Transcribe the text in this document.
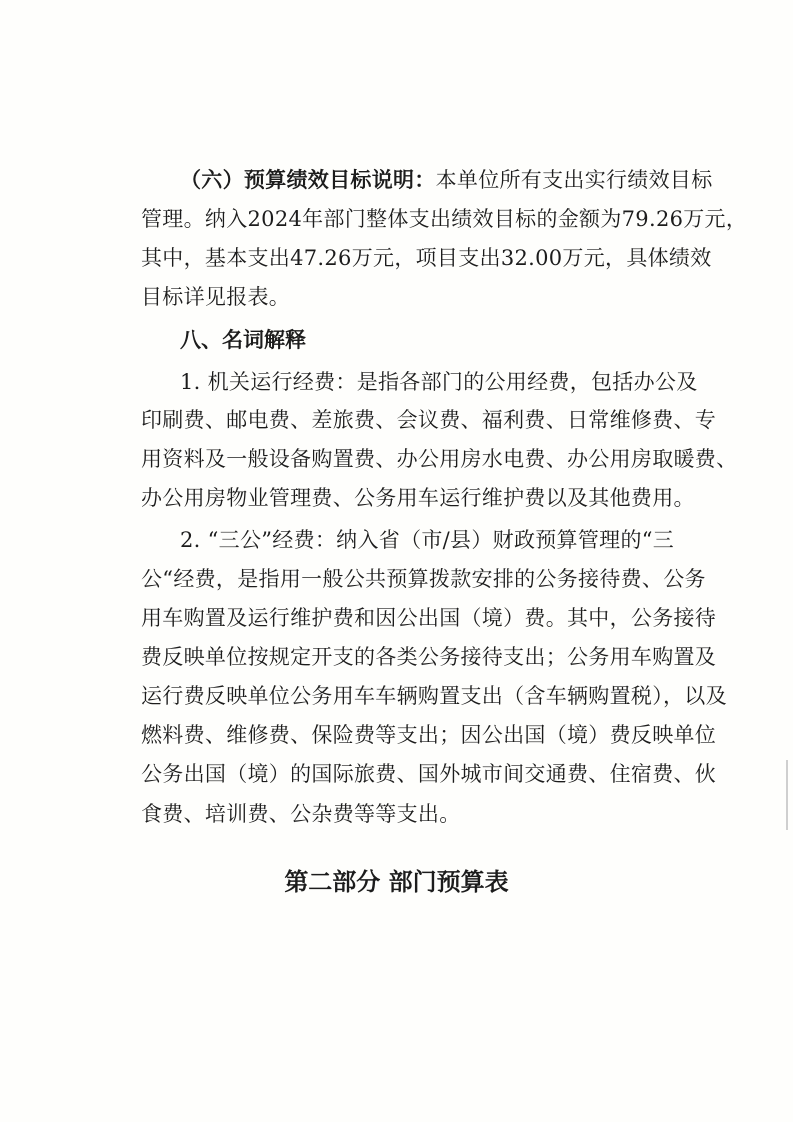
（六）预算绩效目标说明：本单位所有支出实行绩效目标
管理。纳入2024年部门整体支出绩效目标的金额为79.26万元，
其中，基本支出47.26万元，项目支出32.00万元，具体绩效
目标详见报表。
八、名词解释
1. 机关运行经费：是指各部门的公用经费，包括办公及
印刷费、邮电费、差旅费、会议费、福利费、日常维修费、专
用资料及一般设备购置费、办公用房水电费、办公用房取暖费、
办公用房物业管理费、公务用车运行维护费以及其他费用。
2. “三公”经费：纳入省（市/县）财政预算管理的“三
公“经费，是指用一般公共预算拨款安排的公务接待费、公务
用车购置及运行维护费和因公出国（境）费。其中，公务接待
费反映单位按规定开支的各类公务接待支出；公务用车购置及
运行费反映单位公务用车车辆购置支出（含车辆购置税），以及
燃料费、维修费、保险费等支出；因公出国（境）费反映单位
公务出国（境）的国际旅费、国外城市间交通费、住宿费、伙
食费、培训费、公杂费等等支出。
第二部分 部门预算表
